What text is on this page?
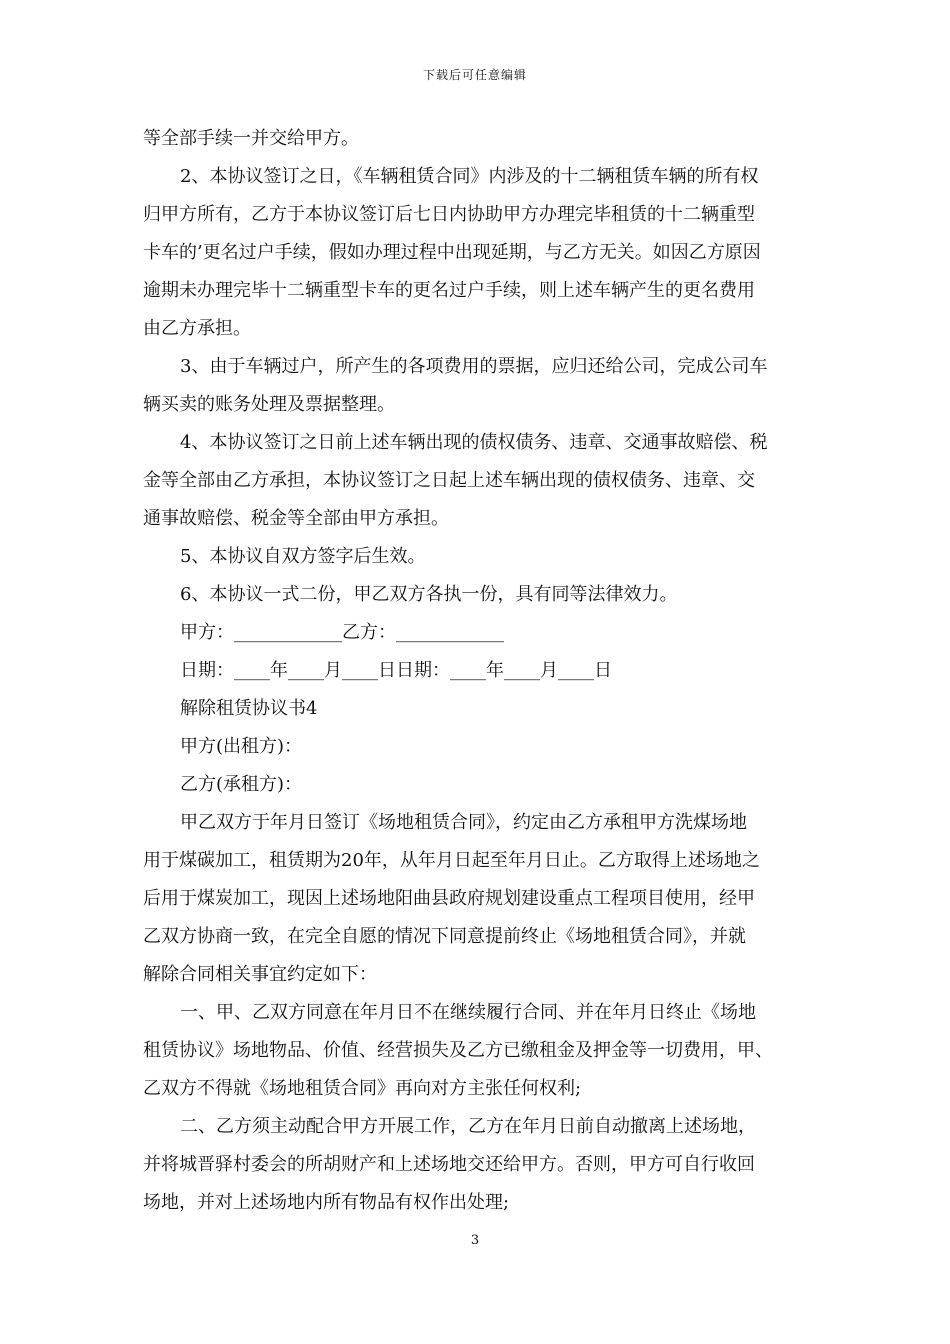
下载后可任意编辑
等全部手续一并交给甲方。
2、本协议签订之日，《车辆租赁合同》内涉及的十二辆租赁车辆的所有权
归甲方所有，乙方于本协议签订后七日内协助甲方办理完毕租赁的十二辆重型
卡车的’更名过户手续，假如办理过程中出现延期，与乙方无关。如因乙方原因
逾期未办理完毕十二辆重型卡车的更名过户手续，则上述车辆产生的更名费用
由乙方承担。
3、由于车辆过户，所产生的各项费用的票据，应归还给公司，完成公司车
辆买卖的账务处理及票据整理。
4、本协议签订之日前上述车辆出现的债权债务、违章、交通事故赔偿、税
金等全部由乙方承担，本协议签订之日起上述车辆出现的债权债务、违章、交
通事故赔偿、税金等全部由甲方承担。
5、本协议自双方签字后生效。
6、本协议一式二份，甲乙双方各执一份，具有同等法律效力。
甲方：____________乙方：____________
日期：____年____月____日日期：____年____月____日
解除租赁协议书4
甲方(出租方)：
乙方(承租方)：
甲乙双方于年月日签订《场地租赁合同》，约定由乙方承租甲方洗煤场地
用于煤碳加工，租赁期为20年，从年月日起至年月日止。乙方取得上述场地之
后用于煤炭加工，现因上述场地阳曲县政府规划建设重点工程项目使用，经甲
乙双方协商一致，在完全自愿的情况下同意提前终止《场地租赁合同》，并就
解除合同相关事宜约定如下：
一、甲、乙双方同意在年月日不在继续履行合同、并在年月日终止《场地
租赁协议》场地物品、价值、经营损失及乙方已缴租金及押金等一切费用，甲、
乙双方不得就《场地租赁合同》再向对方主张任何权利;
二、乙方须主动配合甲方开展工作，乙方在年月日前自动撤离上述场地，
并将城晋驿村委会的所胡财产和上述场地交还给甲方。否则，甲方可自行收回
场地，并对上述场地内所有物品有权作出处理;
3
